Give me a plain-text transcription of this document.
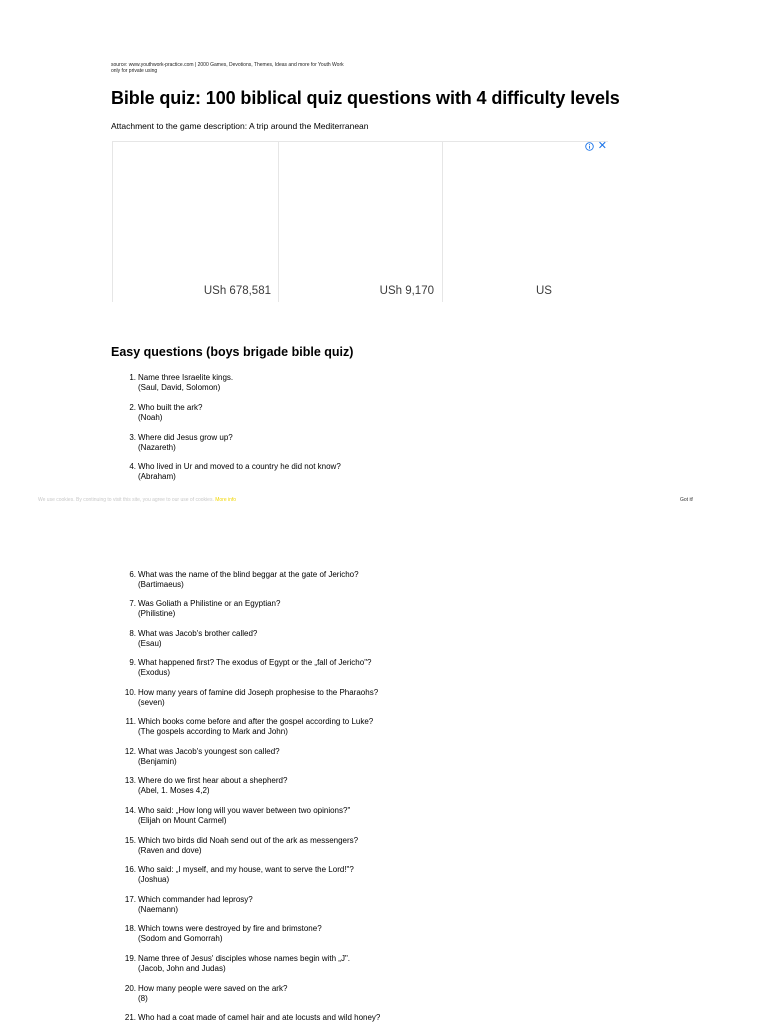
source: www.youthwork-practice.com | 2000 Games, Devotions, Themes, Ideas and more for Youth Work
only for private using
Bible quiz: 100 biblical quiz questions with 4 difficulty levels
Attachment to the game description: A trip around the Mediterranean
USh 678,581	USh 9,170	US
✕
Easy questions (boys brigade bible quiz)
1. Name three Israelite kings.
(Saul, David, Solomon)
2. Who built the ark?
(Noah)
3. Where did Jesus grow up?
(Nazareth)
4. Who lived in Ur and moved to a country he did not know?
(Abraham)
6. What was the name of the blind beggar at the gate of Jericho?
(Bartimaeus)
7. Was Goliath a Philistine or an Egyptian?
(Philistine)
8. What was Jacob's brother called?
(Esau)
9. What happened first? The exodus of Egypt or the „fall of Jericho"?
(Exodus)
10. How many years of famine did Joseph prophesise to the Pharaohs?
(seven)
11. Which books come before and after the gospel according to Luke?
(The gospels according to Mark and John)
12. What was Jacob's youngest son called?
(Benjamin)
13. Where do we first hear about a shepherd?
(Abel, 1. Moses 4,2)
14. Who said: „How long will you waver between two opinions?"
(Elijah on Mount Carmel)
15. Which two birds did Noah send out of the ark as messengers?
(Raven and dove)
16. Who said: „I myself, and my house, want to serve the Lord!"?
(Joshua)
17. Which commander had leprosy?
(Naemann)
18. Which towns were destroyed by fire and brimstone?
(Sodom and Gomorrah)
19. Name three of Jesus' disciples whose names begin with „J".
(Jacob, John and Judas)
20. How many people were saved on the ark?
(8)
21. Who had a coat made of camel hair and ate locusts and wild honey?
We use cookies. By continuing to visit this site, you agree to our use of cookies. More info	Got it!
